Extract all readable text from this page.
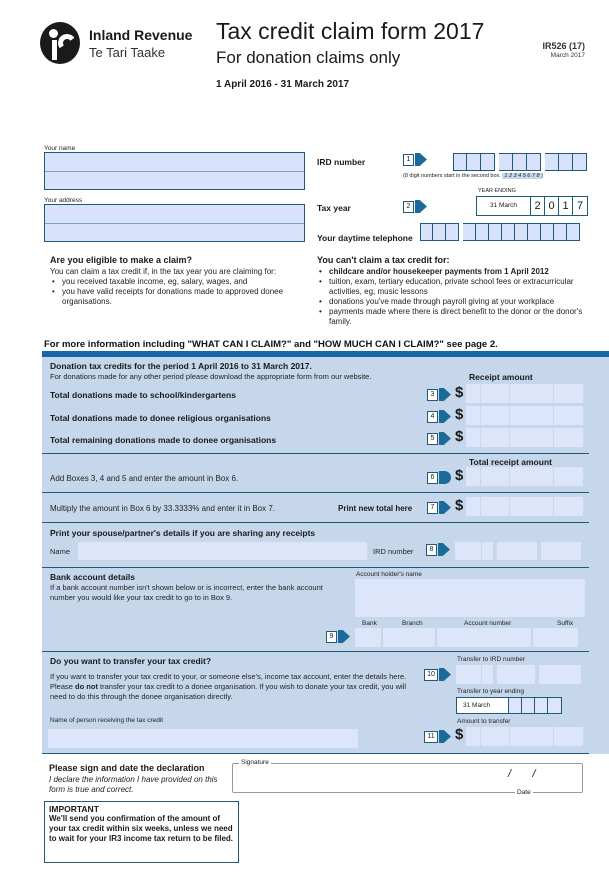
Inland Revenue
Te Tari Taake
Tax credit claim form 2017
For donation claims only
1 April 2016 - 31 March 2017
IR526 (17)
March 2017
Your name
Your address
IRD number	1
(8 digit numbers start in the second box. 1 2 3 4 5 6 7 8 )
YEAR ENDING
Tax year	2	31 March	2 0 1 7
Your daytime telephone
Are you eligible to make a claim?
You can claim a tax credit if, in the tax year you are claiming for:
• you received taxable income, eg, salary, wages, and
• you have valid receipts for donations made to approved donee organisations.
You can't claim a tax credit for:
• childcare and/or housekeeper payments from 1 April 2012
• tuition, exam, tertiary education, private school fees or extracurricular activities, eg, music lessons
• donations you've made through payroll giving at your workplace
• payments made where there is direct benefit to the donor or the donor's family.
For more information including "WHAT CAN I CLAIM?" and "HOW MUCH CAN I CLAIM?" see page 2.
Donation tax credits for the period 1 April 2016 to 31 March 2017.
For donations made for any other period please download the appropriate form from our website.	Receipt amount
Total donations made to school/kindergartens	3 $
Total donations made to donee religious organisations	4 $
Total remaining donations made to donee organisations	5 $
Total receipt amount
Add Boxes 3, 4 and 5 and enter the amount in Box 6.	6 $
Multiply the amount in Box 6 by 33.3333% and enter it in Box 7.	Print new total here	7 $
Print your spouse/partner's details if you are sharing any receipts
Name	IRD number	8
Bank account details
If a bank account number isn't shown below or is incorrect, enter the bank account number you would like your tax credit to go to in Box 9.
Account holder's name
Bank	Branch	Account number	Suffix
9
Do you want to transfer your tax credit?
If you want to transfer your tax credit to your, or someone else's, income tax account, enter the details here. Please do not transfer your tax credit to a donee organisation. If you wish to donate your tax credit, you will need to do this through the donee organisation directly.
Transfer to IRD number
10
Transfer to year ending
31 March
Name of person receiving the tax credit	Amount to transfer
11 $
Please sign and date the declaration
I declare the information I have provided on this form is true and correct.
Signature
/       /
Date
IMPORTANT
We'll send you confirmation of the amount of your tax credit within six weeks, unless we need to wait for your IR3 income tax return to be filed.
